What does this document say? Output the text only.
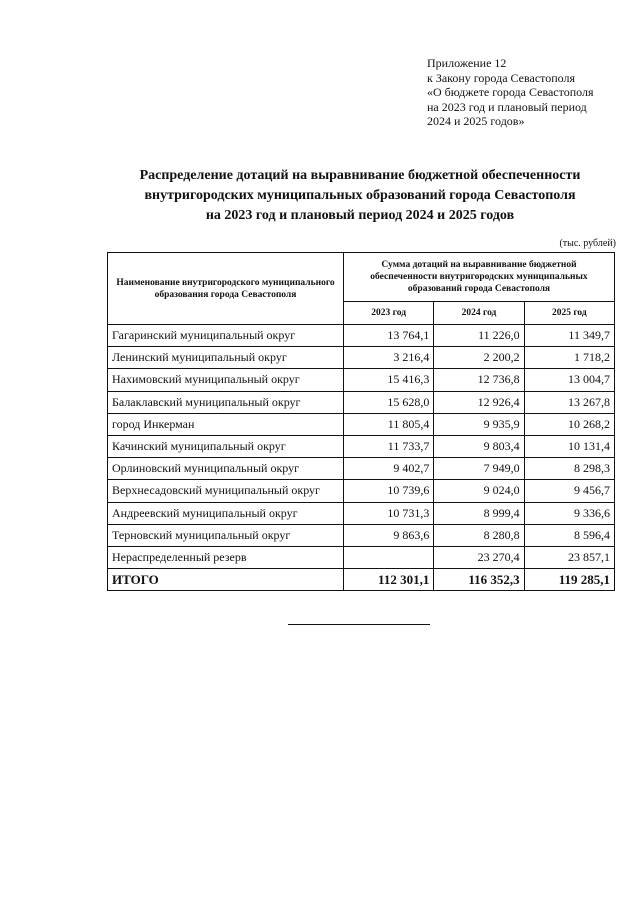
Приложение 12
к Закону города Севастополя
«О бюджете города Севастополя
на 2023 год и плановый период
2024 и 2025 годов»
Распределение дотаций на выравнивание бюджетной обеспеченности
внутригородских муниципальных образований города Севастополя
на 2023 год и плановый период 2024 и 2025 годов
(тыс. рублей)
Наименование внутригородского муниципального образования города Севастополя	Сумма дотаций на выравнивание бюджетной обеспеченности внутригородских муниципальных образований города Севастополя		
	2023 год	2024 год	2025 год
Гагаринский муниципальный округ	13 764,1	11 226,0	11 349,7
Ленинский муниципальный округ	3 216,4	2 200,2	1 718,2
Нахимовский муниципальный округ	15 416,3	12 736,8	13 004,7
Балаклавский муниципальный округ	15 628,0	12 926,4	13 267,8
город Инкерман	11 805,4	9 935,9	10 268,2
Качинский муниципальный округ	11 733,7	9 803,4	10 131,4
Орлиновский муниципальный округ	9 402,7	7 949,0	8 298,3
Верхнесадовский муниципальный округ	10 739,6	9 024,0	9 456,7
Андреевский муниципальный округ	10 731,3	8 999,4	9 336,6
Терновский муниципальный округ	9 863,6	8 280,8	8 596,4
Нераспределенный резерв		23 270,4	23 857,1
ИТОГО	112 301,1	116 352,3	119 285,1
